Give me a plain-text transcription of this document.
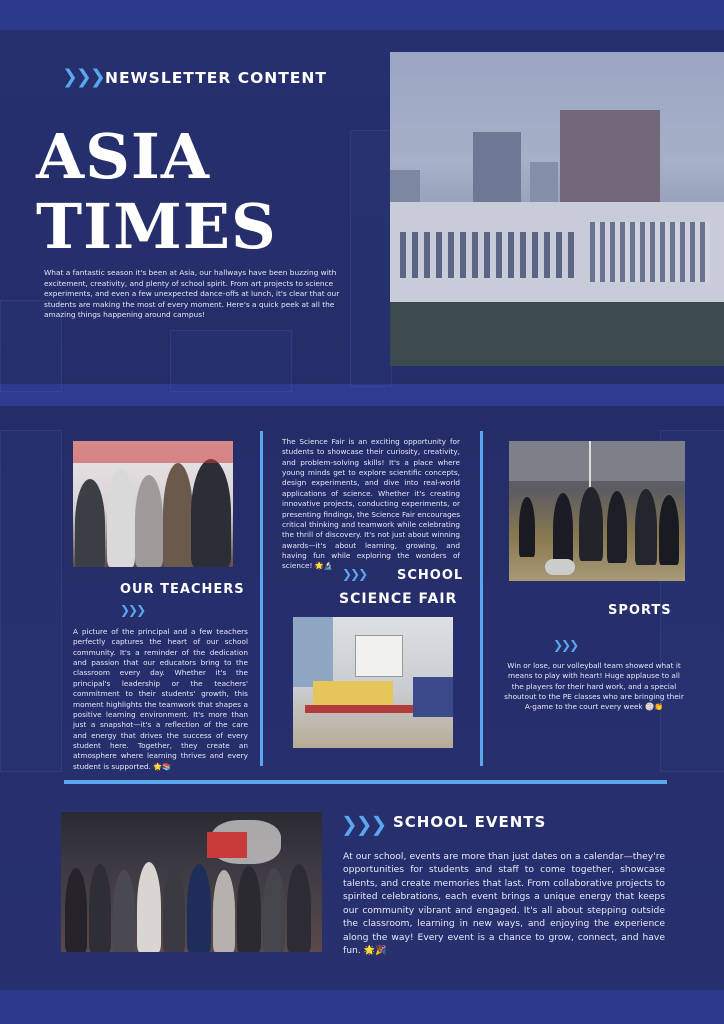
❯❯❯ NEWSLETTER CONTENT
ASIA
TIMES

What a fantastic season it's been at Asia, our hallways have been buzzing with excitement, creativity, and plenty of school spirit. From art projects to science experiments, and even a few unexpected dance-offs at lunch, it's clear that our students are making the most of every moment. Here's a quick peek at all the amazing things happening around campus!

OUR TEACHERS
❯❯❯

A picture of the principal and a few teachers perfectly captures the heart of our school community. It's a reminder of the dedication and passion that our educators bring to the classroom every day. Whether it's the principal's leadership or the teachers' commitment to their students' growth, this moment highlights the teamwork that shapes a positive learning environment. It's more than just a snapshot—it's a reflection of the care and energy that drives the success of every student here. Together, they create an atmosphere where learning thrives and every student is supported. 🌟📚

The Science Fair is an exciting opportunity for students to showcase their curiosity, creativity, and problem-solving skills! It's a place where young minds get to explore scientific concepts, design experiments, and dive into real-world applications of science. Whether it's creating innovative projects, conducting experiments, or presenting findings, the Science Fair encourages critical thinking and teamwork while celebrating the thrill of discovery. It's not just about winning awards—it's about learning, growing, and having fun while exploring the wonders of science! 🌟🔬

❯❯❯ SCHOOL
SCIENCE FAIR
SPORTS
❯❯❯

Win or lose, our volleyball team showed what it means to play with heart! Huge applause to all the players for their hard work, and a special shoutout to the PE classes who are bringing their A-game to the court every week 🏐👏

❯❯❯ SCHOOL EVENTS

At our school, events are more than just dates on a calendar—they're opportunities for students and staff to come together, showcase talents, and create memories that last. From collaborative projects to spirited celebrations, each event brings a unique energy that keeps our community vibrant and engaged. It's all about stepping outside the classroom, learning in new ways, and enjoying the experience along the way! Every event is a chance to grow, connect, and have fun. 🌟🎉
